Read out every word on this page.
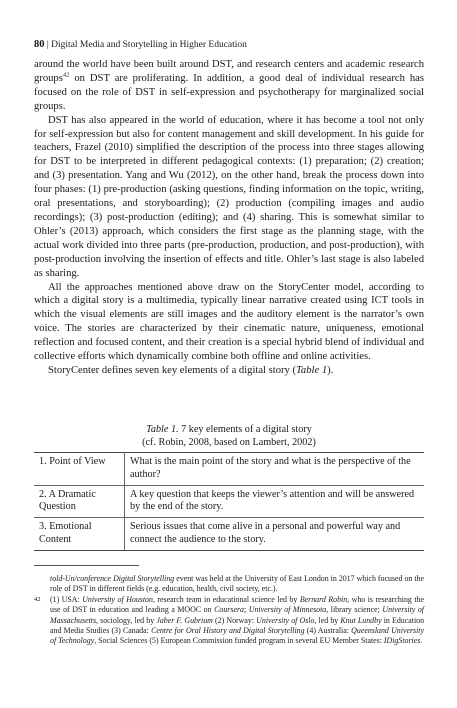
80 | Digital Media and Storytelling in Higher Education

around the world have been built around DST, and research centers and academic research groups$^{42}$ on DST are proliferating. In addition, a good deal of individual research has focused on the role of DST in self-expression and psychotherapy for marginalized social groups.

DST has also appeared in the world of education, where it has become a tool not only for self-expression but also for content management and skill development. In his guide for teachers, Frazel (2010) simplified the description of the process into three stages allowing for DST to be interpreted in different pedagogical contexts: (1) preparation; (2) creation; and (3) presentation. Yang and Wu (2012), on the other hand, break the process down into four phases: (1) pre-production (asking questions, finding information on the topic, writing, oral presentations, and storyboarding); (2) production (compiling images and audio recordings); (3) post-production (editing); and (4) sharing. This is somewhat similar to Ohler’s (2013) approach, which considers the first stage as the planning stage, with the actual work divided into three parts (pre-production, production, and post-production), with post-production involving the insertion of effects and title. Ohler’s last stage is also labeled as sharing.

All the approaches mentioned above draw on the StoryCenter model, according to which a digital story is a multimedia, typically linear narrative created using ICT tools in which the visual elements are still images and the auditory element is the narrator’s own voice. The stories are characterized by their cinematic nature, uniqueness, emotional reflection and focused content, and their creation is a special hybrid blend of individual and collective efforts which dynamically combine both offline and online activities.

StoryCenter defines seven key elements of a digital story (Table 1).

Table 1. 7 key elements of a digital story
(cf. Robin, 2008, based on Lambert, 2002)
1. Point of View	What is the main point of the story and what is the perspective of the author?
2. A Dramatic Question	A key question that keeps the viewer’s attention and will be answered by the end of the story.
3. Emotional Content	Serious issues that come alive in a personal and powerful way and connect the audience to the story.
told-Un/conference Digital Storytelling event was held at the University of East London in 2017 which focused on the role of DST in different fields (e.g. education, health, civil society, etc.).
42 (1) USA: University of Houston, research team in educational science led by Bernard Robin, who is researching the use of DST in education and leading a MOOC on Coursera; University of Minnesota, library science; University of Massachusetts, sociology, led by Jaber F. Gubrium (2) Norway: University of Oslo, led by Knut Lundby in Education and Media Studies (3) Canada: Centre for Oral History and Digital Storytelling (4) Australia: Queensland University of Technology, Social Sciences (5) European Commission funded program in several EU Member States: IDigStories.
